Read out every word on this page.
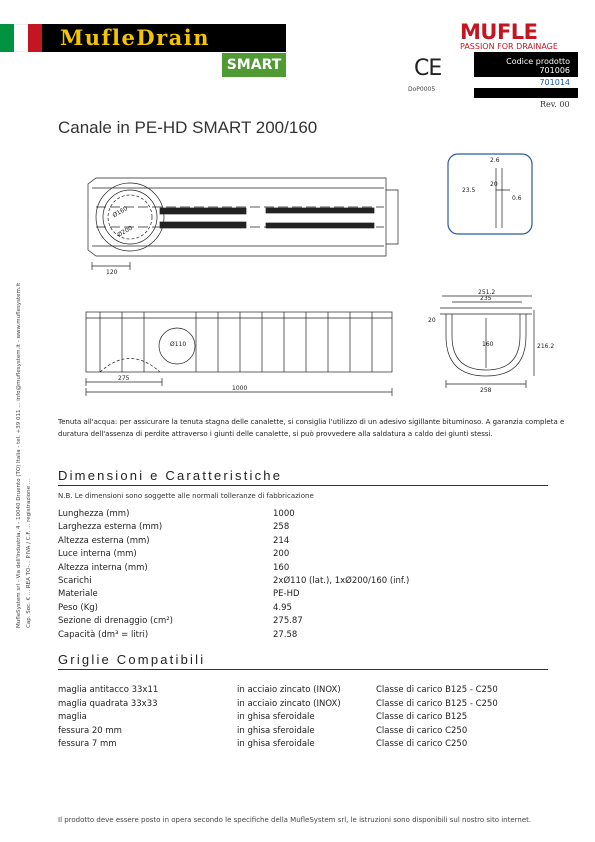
MufleDrain
SMART	CE
DoP0005
MUFLE
PASSION FOR DRAINAGE
Codice prodotto
701006
701014
Rev. 00
Canale in PE-HD SMART 200/160
MufleSystem srl - Via dell'Industria, 4 - 10040 Druento (TO) Italia - tel. +39 011 ... info@muflesystem.it - www.muflesystem.it Cap. Soc. € ... REA TO-... P.IVA / C.F. ... registrazione ...
Ø160
Ø200
120
Ø110
275
1000
251.2
235
160
258
216.2
20
2.6
20
23.5
0.6
Tenuta all'acqua: per assicurare la tenuta stagna delle canalette, si consiglia l'utilizzo di un adesivo sigillante bituminoso. A garanzia completa e duratura dell'assenza di perdite attraverso i giunti delle canalette, si può provvedere alla saldatura a caldo dei giunti stessi.
Dimensioni e Caratteristiche
N.B. Le dimensioni sono soggette alle normali tolleranze di fabbricazione
Lunghezza (mm)	1000
Larghezza esterna (mm)	258
Altezza esterna (mm)	214
Luce interna (mm)	200
Altezza interna (mm)	160
Scarichi	2xØ110 (lat.), 1xØ200/160 (inf.)
Materiale	PE-HD
Peso (Kg)	4.95
Sezione di drenaggio (cm²)	275.87
Capacità (dm³ = litri)	27.58
Griglie Compatibili
maglia antitacco 33x11	in acciaio zincato (INOX)	Classe di carico B125 - C250
maglia quadrata 33x33	in acciaio zincato (INOX)	Classe di carico B125 - C250
maglia	in ghisa sferoidale	Classe di carico B125
fessura 20 mm	in ghisa sferoidale	Classe di carico C250
fessura 7 mm	in ghisa sferoidale	Classe di carico C250
Il prodotto deve essere posto in opera secondo le specifiche della MufleSystem srl, le istruzioni sono disponibili sul nostro sito internet.
